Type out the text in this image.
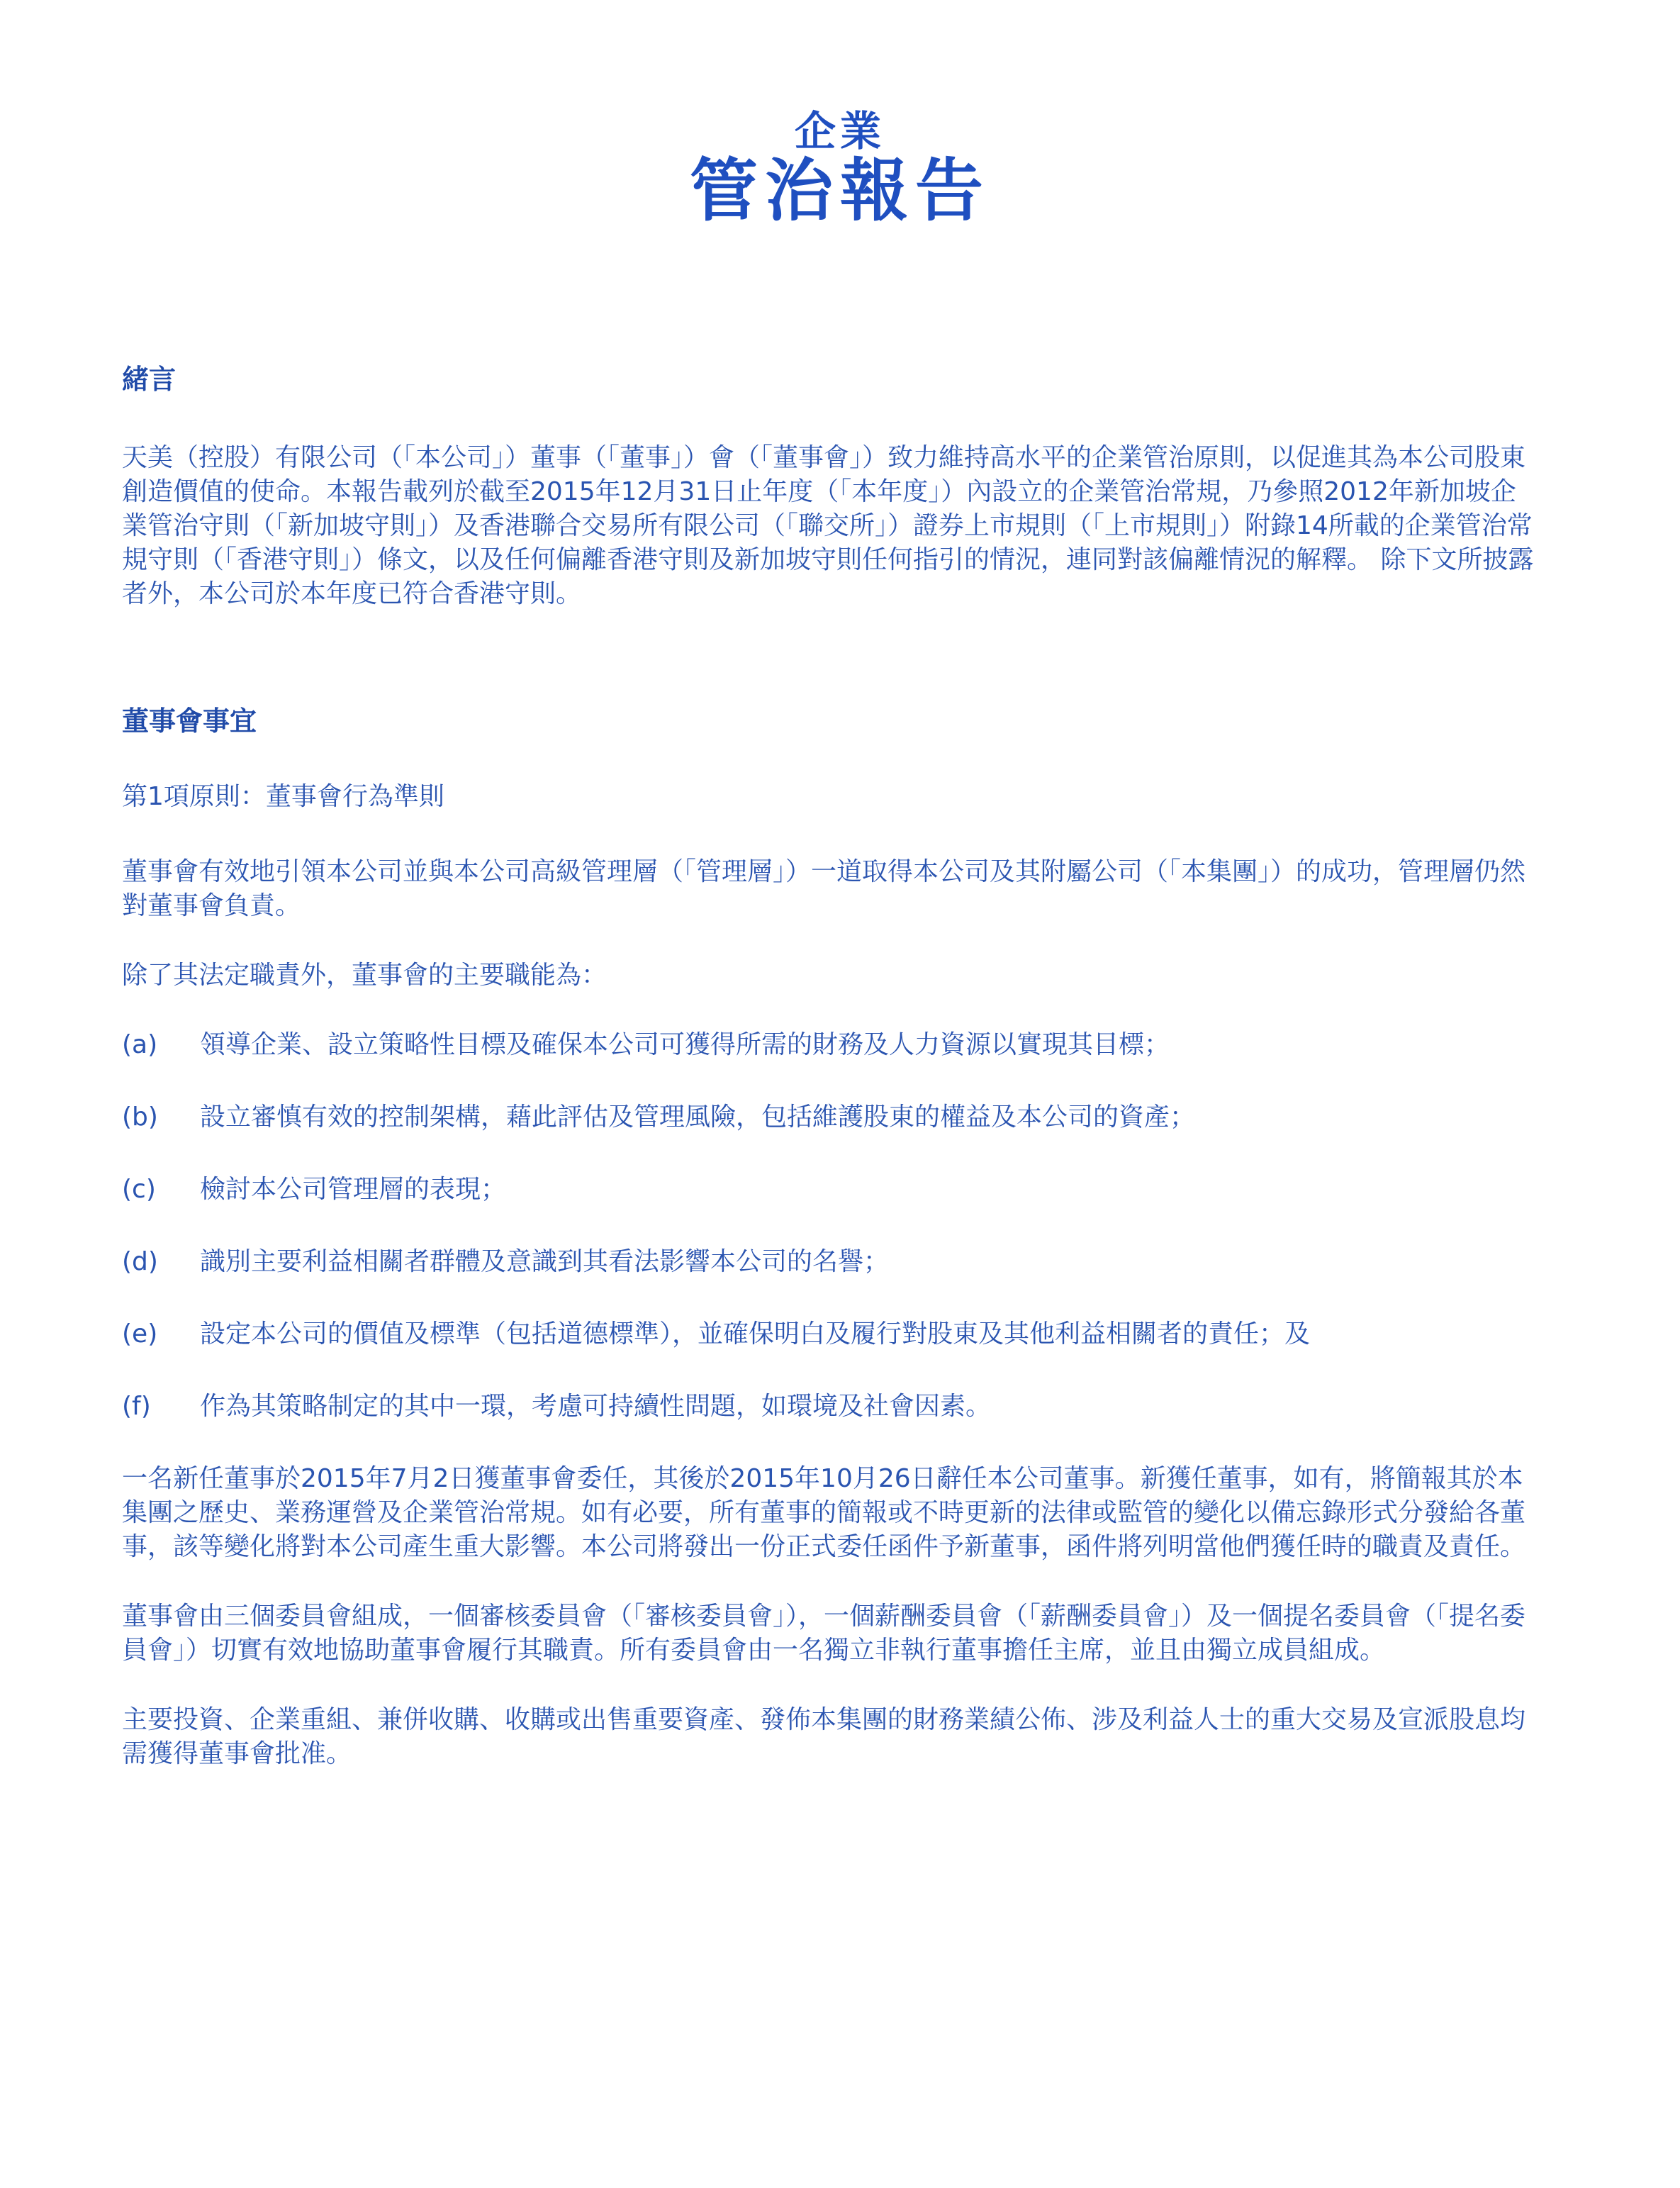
企業
管治報告
緒言

天美（控股）有限公司（「本公司」）董事（「董事」）會（「董事會」）致力維持高水平的企業管治原則，以促進其為本公司股東創造價值的使命。本報告載列於截至2015年12月31日止年度（「本年度」）內設立的企業管治常規，乃參照2012年新加坡企業管治守則（「新加坡守則」）及香港聯合交易所有限公司（「聯交所」）證券上市規則（「上市規則」）附錄14所載的企業管治常規守則（「香港守則」）條文，以及任何偏離香港守則及新加坡守則任何指引的情況，連同對該偏離情況的解釋。 除下文所披露者外，本公司於本年度已符合香港守則。

董事會事宜

第1項原則：董事會行為準則

董事會有效地引領本公司並與本公司高級管理層（「管理層」）一道取得本公司及其附屬公司（「本集團」）的成功，管理層仍然對董事會負責。

除了其法定職責外，董事會的主要職能為：

(a)	領導企業、設立策略性目標及確保本公司可獲得所需的財務及人力資源以實現其目標；
(b)	設立審慎有效的控制架構，藉此評估及管理風險，包括維護股東的權益及本公司的資產；
(c)	檢討本公司管理層的表現；
(d)	識別主要利益相關者群體及意識到其看法影響本公司的名譽；
(e)	設定本公司的價值及標準（包括道德標準），並確保明白及履行對股東及其他利益相關者的責任；及
(f)	作為其策略制定的其中一環，考慮可持續性問題，如環境及社會因素。

一名新任董事於2015年7月2日獲董事會委任，其後於2015年10月26日辭任本公司董事。新獲任董事，如有，將簡報其於本集團之歷史、業務運營及企業管治常規。如有必要，所有董事的簡報或不時更新的法律或監管的變化以備忘錄形式分發給各董事，該等變化將對本公司產生重大影響。本公司將發出一份正式委任函件予新董事，函件將列明當他們獲任時的職責及責任。

董事會由三個委員會組成，一個審核委員會（「審核委員會」），一個薪酬委員會（「薪酬委員會」）及一個提名委員會（「提名委員會」）切實有效地協助董事會履行其職責。所有委員會由一名獨立非執行董事擔任主席，並且由獨立成員組成。

主要投資、企業重組、兼併收購、收購或出售重要資產、發佈本集團的財務業績公佈、涉及利益人士的重大交易及宣派股息均需獲得董事會批准。
